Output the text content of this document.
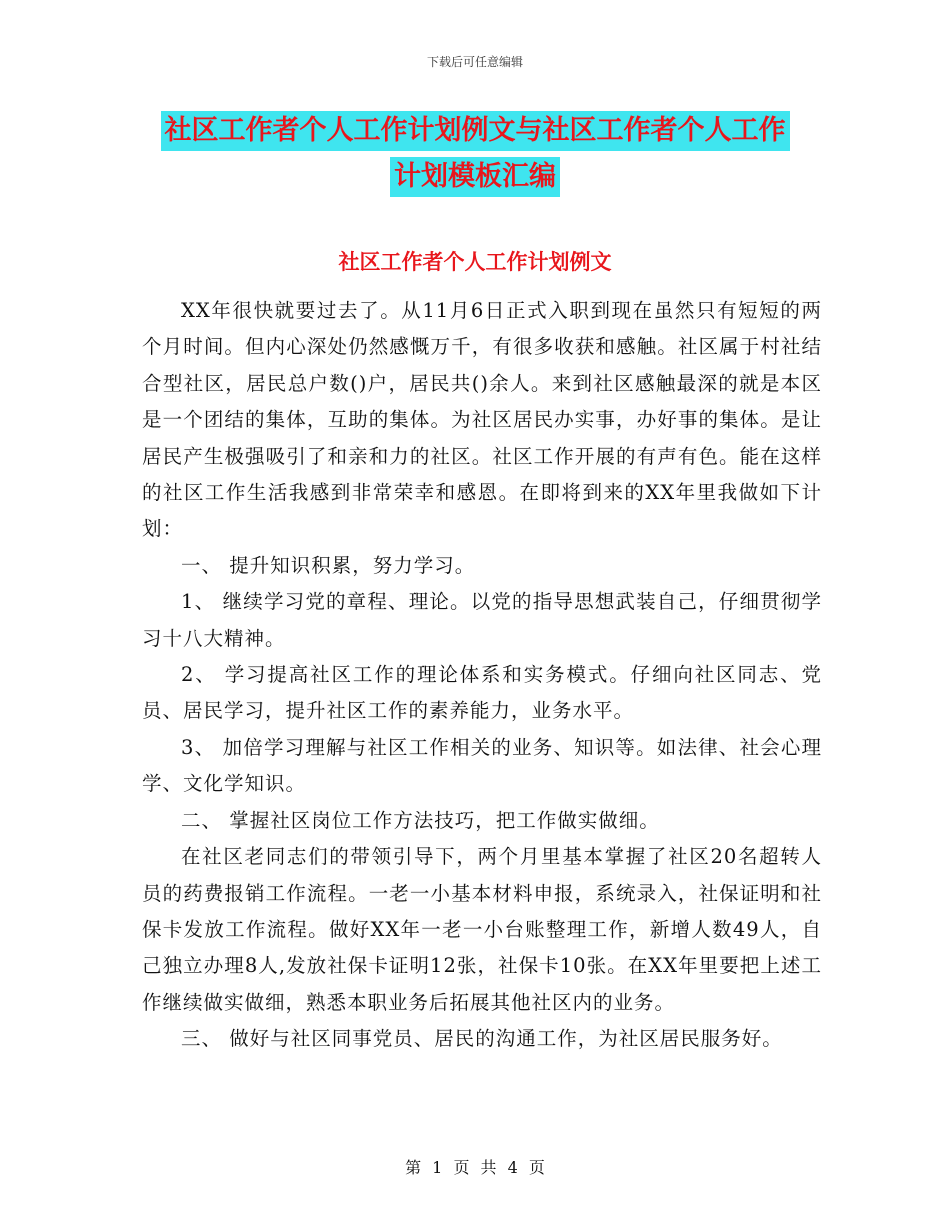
下载后可任意编辑
社区工作者个人工作计划例文与社区工作者个人工作
计划模板汇编
社区工作者个人工作计划例文

XX年很快就要过去了。从11月6日正式入职到现在虽然只有短短的两个月时间。但内心深处仍然感慨万千，有很多收获和感触。社区属于村社结合型社区，居民总户数()户，居民共()余人。来到社区感触最深的就是本区是一个团结的集体，互助的集体。为社区居民办实事，办好事的集体。是让居民产生极强吸引了和亲和力的社区。社区工作开展的有声有色。能在这样的社区工作生活我感到非常荣幸和感恩。在即将到来的XX年里我做如下计划：

一、 提升知识积累，努力学习。

1、 继续学习党的章程、理论。以党的指导思想武装自己，仔细贯彻学习十八大精神。

2、 学习提高社区工作的理论体系和实务模式。仔细向社区同志、党员、居民学习，提升社区工作的素养能力，业务水平。

3、 加倍学习理解与社区工作相关的业务、知识等。如法律、社会心理学、文化学知识。

二、 掌握社区岗位工作方法技巧，把工作做实做细。

在社区老同志们的带领引导下，两个月里基本掌握了社区20名超转人员的药费报销工作流程。一老一小基本材料申报，系统录入，社保证明和社保卡发放工作流程。做好XX年一老一小台账整理工作，新增人数49人，自己独立办理8人,发放社保卡证明12张，社保卡10张。在XX年里要把上述工作继续做实做细，熟悉本职业务后拓展其他社区内的业务。

三、 做好与社区同事党员、居民的沟通工作，为社区居民服务好。

第 1 页 共 4 页
